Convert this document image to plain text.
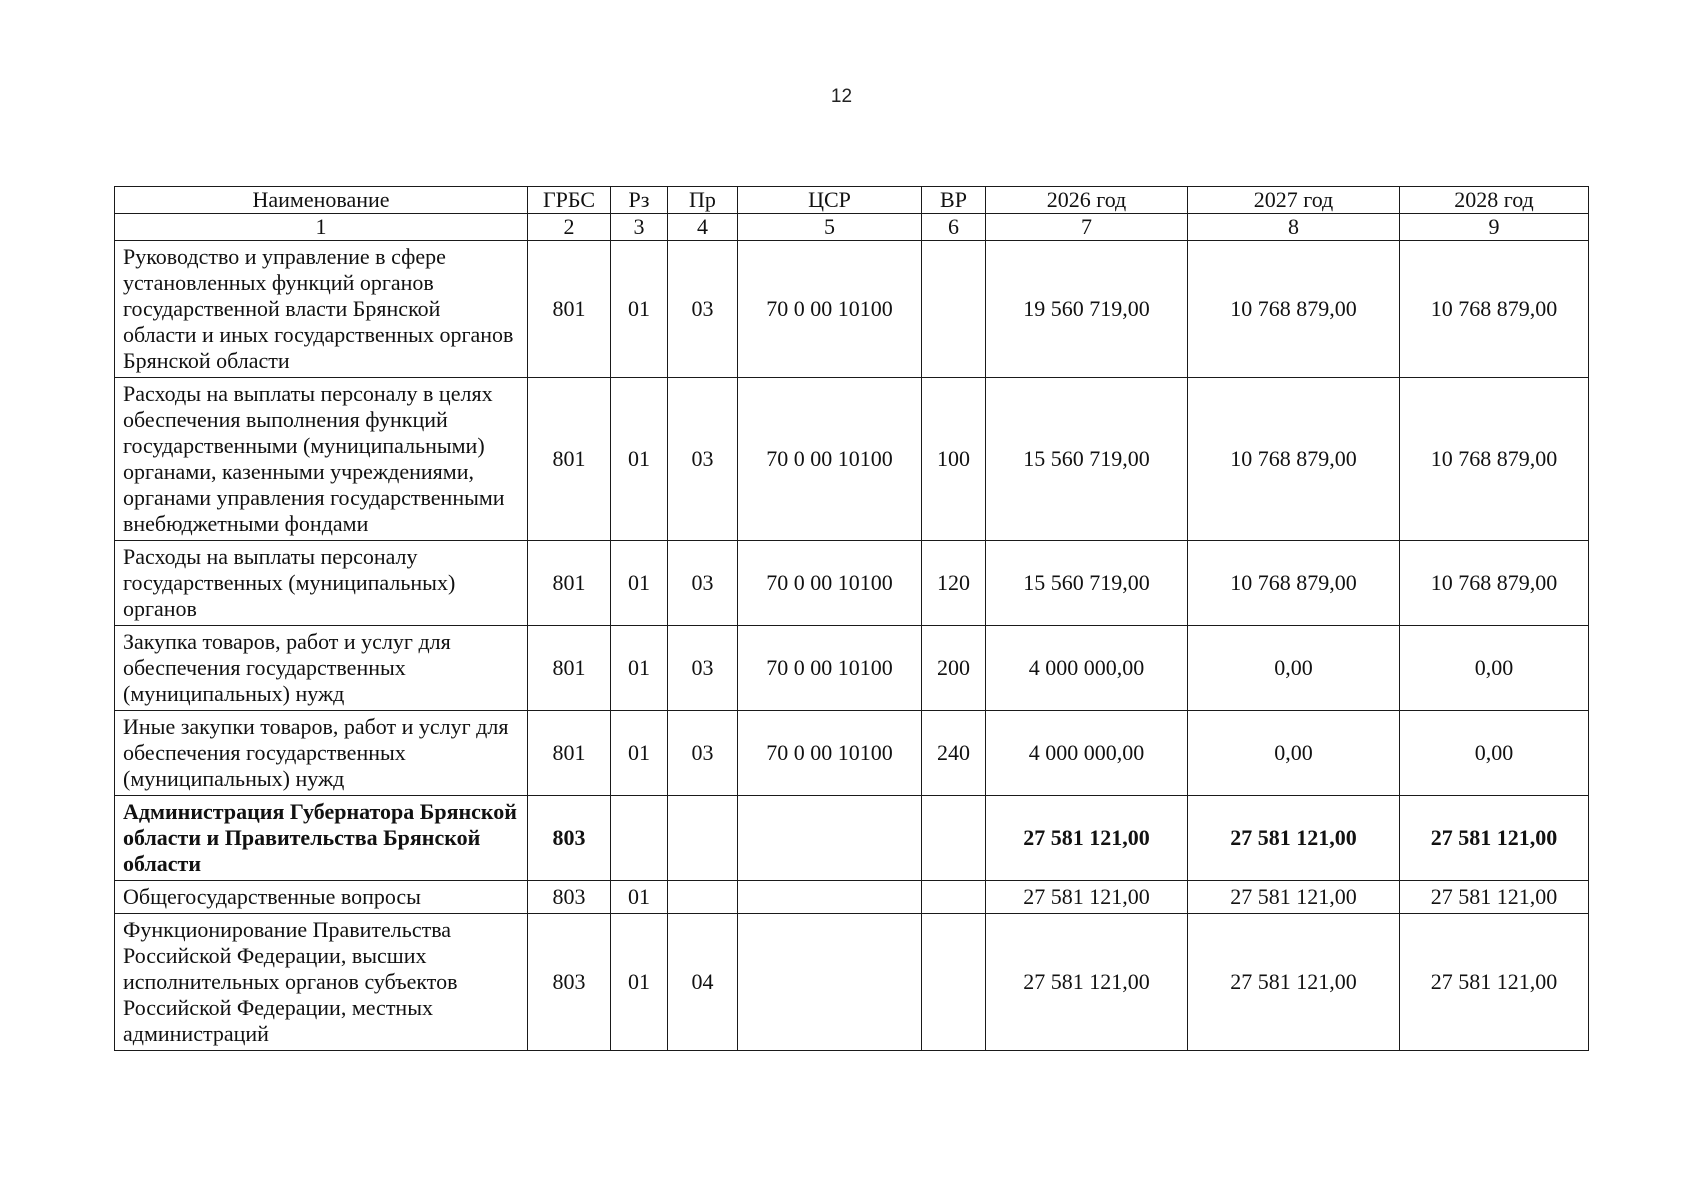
12
Наименование	ГРБС	Рз	Пр	ЦСР	ВР	2026 год	2027 год	2028 год
1	2	3	4	5	6	7	8	9
Руководство и управление в сфере установленных функций органов государственной власти Брянской области и иных государственных органов Брянской области	801	01	03	70 0 00 10100		19 560 719,00	10 768 879,00	10 768 879,00
Расходы на выплаты персоналу в целях обеспечения выполнения функций государственными (муниципальными) органами, казенными учреждениями, органами управления государственными внебюджетными фондами	801	01	03	70 0 00 10100	100	15 560 719,00	10 768 879,00	10 768 879,00
Расходы на выплаты персоналу государственных (муниципальных) органов	801	01	03	70 0 00 10100	120	15 560 719,00	10 768 879,00	10 768 879,00
Закупка товаров, работ и услуг для обеспечения государственных (муниципальных) нужд	801	01	03	70 0 00 10100	200	4 000 000,00	0,00	0,00
Иные закупки товаров, работ и услуг для обеспечения государственных (муниципальных) нужд	801	01	03	70 0 00 10100	240	4 000 000,00	0,00	0,00
Администрация Губернатора Брянской области и Правительства Брянской области	803					27 581 121,00	27 581 121,00	27 581 121,00
Общегосударственные вопросы	803	01				27 581 121,00	27 581 121,00	27 581 121,00
Функционирование Правительства Российской Федерации, высших исполнительных органов субъектов Российской Федерации, местных администраций	803	01	04			27 581 121,00	27 581 121,00	27 581 121,00
